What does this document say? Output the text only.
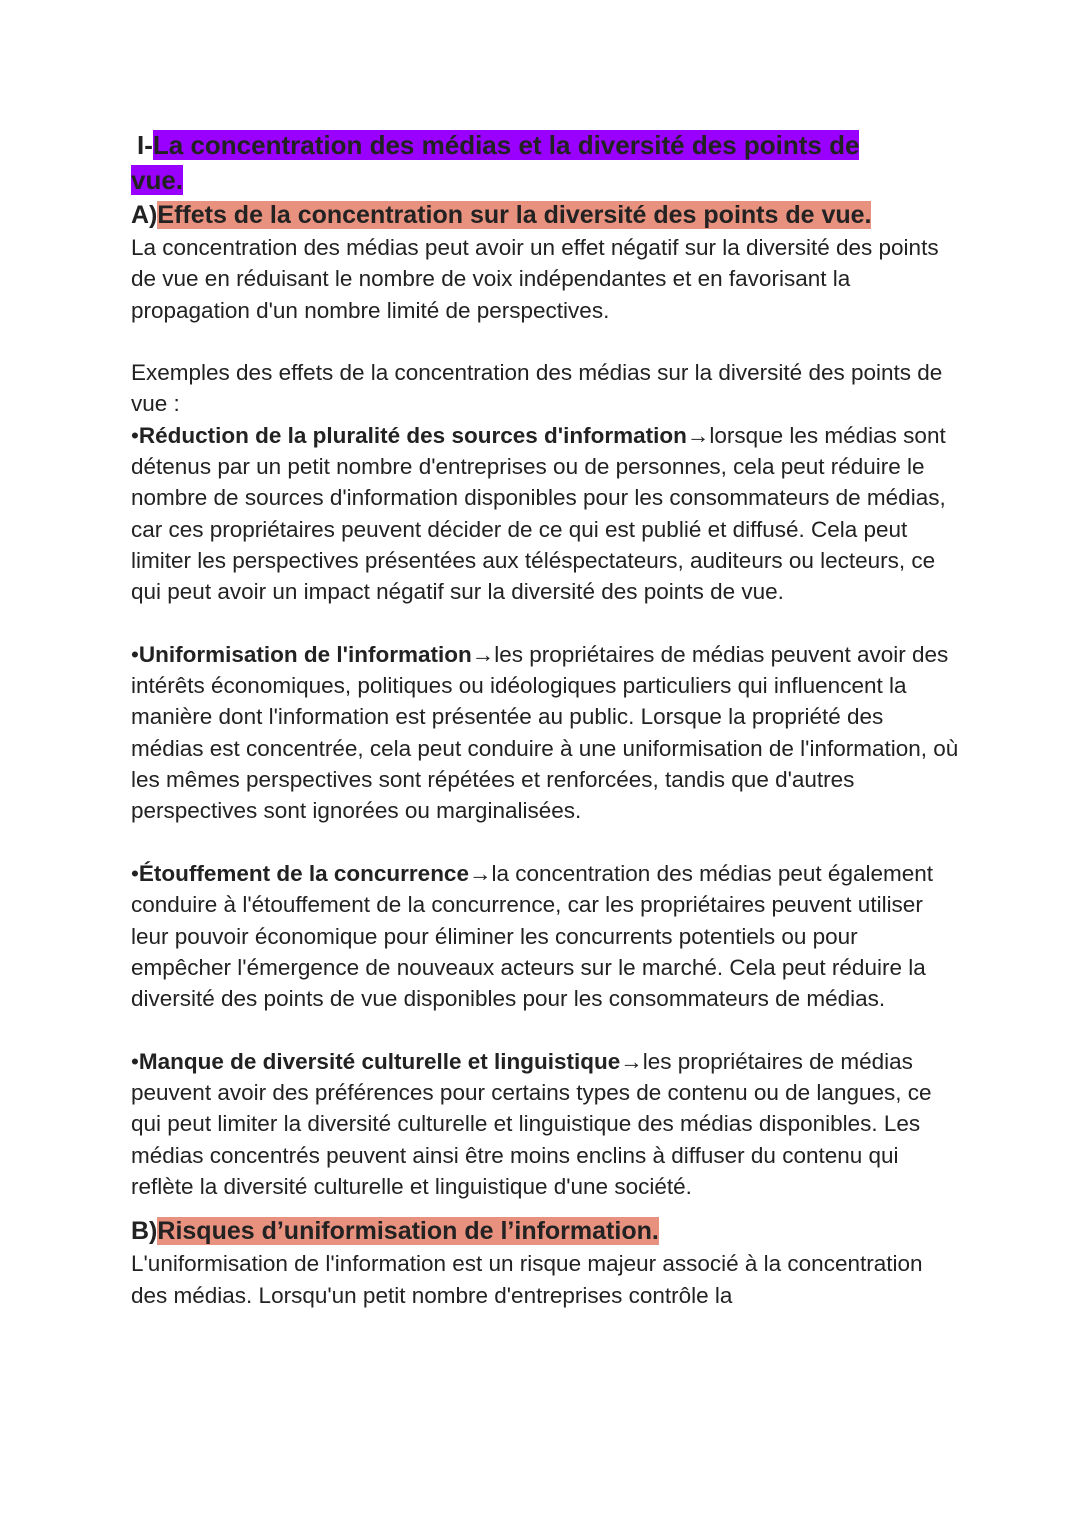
I-La concentration des médias et la diversité des points de
vue.
A)Effets de la concentration sur la diversité des points de vue.

La concentration des médias peut avoir un effet négatif sur la diversité des points de vue en réduisant le nombre de voix indépendantes et en favorisant la propagation d'un nombre limité de perspectives.

Exemples des effets de la concentration des médias sur la diversité des points de vue :

•Réduction de la pluralité des sources d'information→lorsque les médias sont détenus par un petit nombre d'entreprises ou de personnes, cela peut réduire le nombre de sources d'information disponibles pour les consommateurs de médias, car ces propriétaires peuvent décider de ce qui est publié et diffusé. Cela peut limiter les perspectives présentées aux téléspectateurs, auditeurs ou lecteurs, ce qui peut avoir un impact négatif sur la diversité des points de vue.

•Uniformisation de l'information→les propriétaires de médias peuvent avoir des intérêts économiques, politiques ou idéologiques particuliers qui influencent la manière dont l'information est présentée au public. Lorsque la propriété des médias est concentrée, cela peut conduire à une uniformisation de l'information, où les mêmes perspectives sont répétées et renforcées, tandis que d'autres perspectives sont ignorées ou marginalisées.

•Étouffement de la concurrence→la concentration des médias peut également conduire à l'étouffement de la concurrence, car les propriétaires peuvent utiliser leur pouvoir économique pour éliminer les concurrents potentiels ou pour empêcher l'émergence de nouveaux acteurs sur le marché. Cela peut réduire la diversité des points de vue disponibles pour les consommateurs de médias.

•Manque de diversité culturelle et linguistique→les propriétaires de médias peuvent avoir des préférences pour certains types de contenu ou de langues, ce qui peut limiter la diversité culturelle et linguistique des médias disponibles. Les médias concentrés peuvent ainsi être moins enclins à diffuser du contenu qui reflète la diversité culturelle et linguistique d'une société.

B)Risques d’uniformisation de l’information.

L'uniformisation de l'information est un risque majeur associé à la concentration des médias. Lorsqu'un petit nombre d'entreprises contrôle la
